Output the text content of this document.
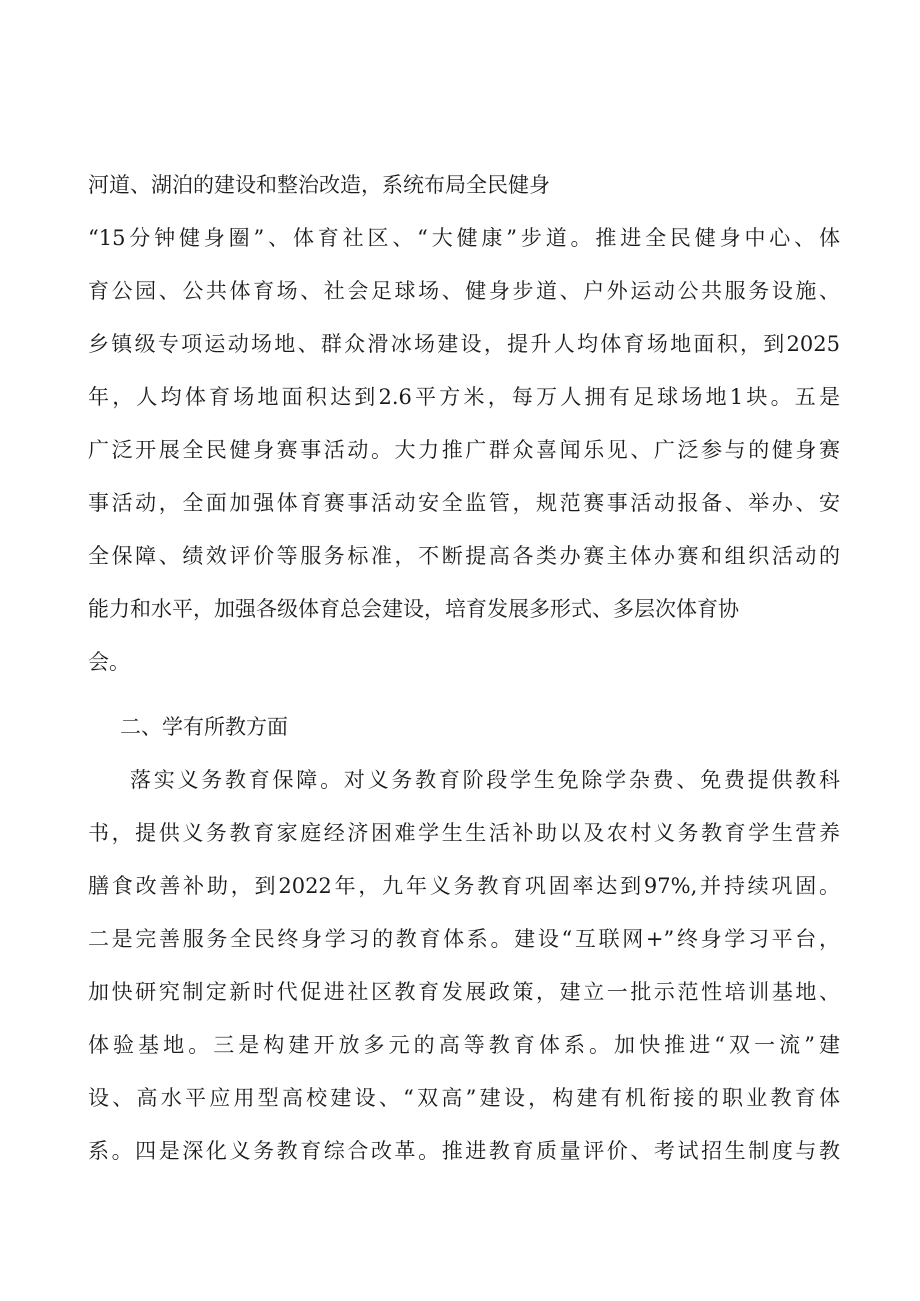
河道、湖泊的建设和整治改造，系统布局全民健身
“15分钟健身圈”、体育社区、“大健康”步道。推进全民健身中心、体
育公园、公共体育场、社会足球场、健身步道、户外运动公共服务设施、
乡镇级专项运动场地、群众滑冰场建设，提升人均体育场地面积，到2025
年，人均体育场地面积达到2.6平方米，每万人拥有足球场地1块。五是
广泛开展全民健身赛事活动。大力推广群众喜闻乐见、广泛参与的健身赛
事活动，全面加强体育赛事活动安全监管，规范赛事活动报备、举办、安
全保障、绩效评价等服务标准，不断提高各类办赛主体办赛和组织活动的
能力和水平，加强各级体育总会建设，培育发展多形式、多层次体育协
会。
二、学有所教方面
落实义务教育保障。对义务教育阶段学生免除学杂费、免费提供教科
书，提供义务教育家庭经济困难学生生活补助以及农村义务教育学生营养
膳食改善补助，到2022年，九年义务教育巩固率达到97%,并持续巩固。
二是完善服务全民终身学习的教育体系。建设“互联网+”终身学习平台，
加快研究制定新时代促进社区教育发展政策，建立一批示范性培训基地、
体验基地。三是构建开放多元的高等教育体系。加快推进“双一流”建
设、高水平应用型高校建设、“双高”建设，构建有机衔接的职业教育体
系。四是深化义务教育综合改革。推进教育质量评价、考试招生制度与教
